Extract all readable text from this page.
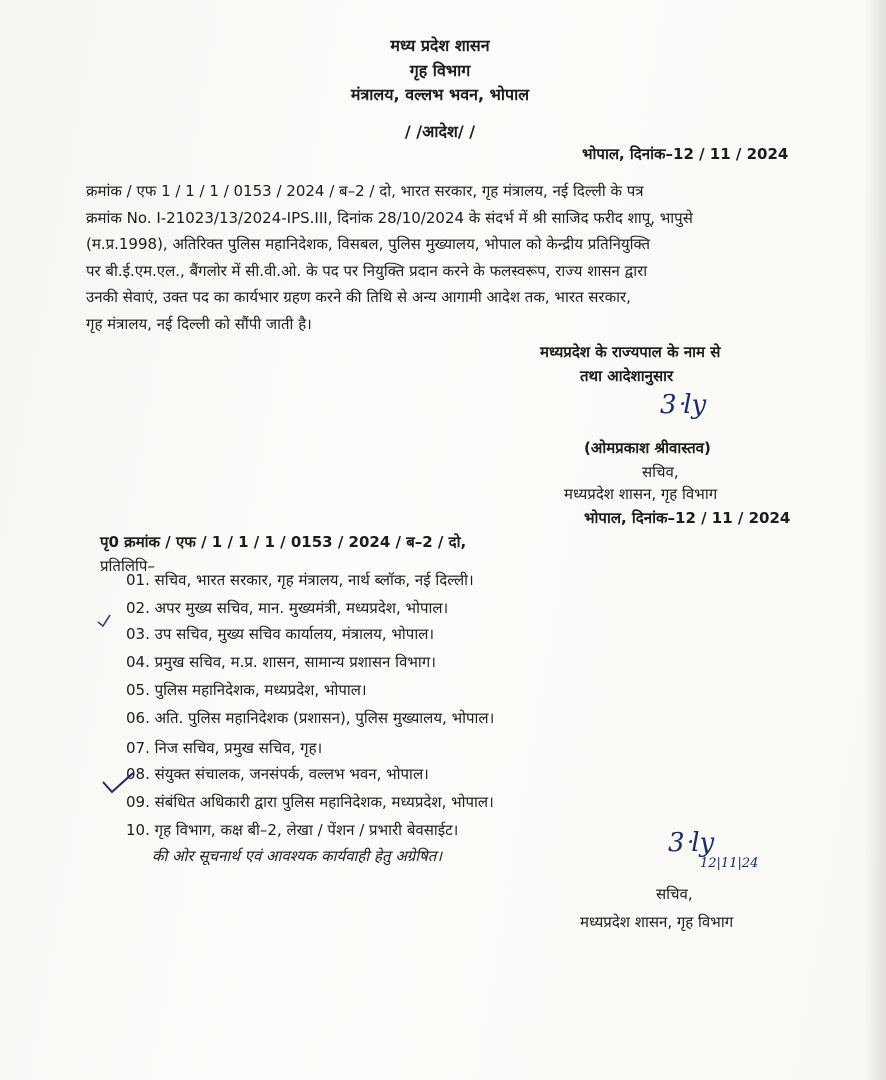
मध्य प्रदेश शासन
गृह विभाग
मंत्रालय, वल्लभ भवन, भोपाल
/ /आदेश/ /
भोपाल, दिनांक–12 / 11 / 2024
क्रमांक / एफ 1 / 1 / 1 / 0153 / 2024 / ब–2 / दो, भारत सरकार, गृह मंत्रालय, नई दिल्ली के पत्र
क्रमांक No. I-21023/13/2024-IPS.III, दिनांक 28/10/2024 के संदर्भ में श्री साजिद फरीद शापू, भापुसे
(म.प्र.1998), अतिरिक्त पुलिस महानिदेशक, विसबल, पुलिस मुख्यालय, भोपाल को केन्द्रीय प्रतिनियुक्ति
पर बी.ई.एम.एल., बैंगलोर में सी.वी.ओ. के पद पर नियुक्ति प्रदान करने के फलस्वरूप, राज्य शासन द्वारा
उनकी सेवाएं, उक्त पद का कार्यभार ग्रहण करने की तिथि से अन्य आगामी आदेश तक, भारत सरकार,
गृह मंत्रालय, नई दिल्ली को सौंपी जाती है।
मध्यप्रदेश के राज्यपाल के नाम से
तथा आदेशानुसार
3ᐧly
(ओमप्रकाश श्रीवास्तव)
सचिव,
मध्यप्रदेश शासन, गृह विभाग
भोपाल, दिनांक–12 / 11 / 2024
पृ0 क्रमांक / एफ / 1 / 1 / 1 / 0153 / 2024 / ब–2 / दो,
प्रतिलिपि–
01. सचिव, भारत सरकार, गृह मंत्रालय, नार्थ ब्लॉक, नई दिल्ली।
02. अपर मुख्य सचिव, मान. मुख्यमंत्री, मध्यप्रदेश, भोपाल।
03. उप सचिव, मुख्य सचिव कार्यालय, मंत्रालय, भोपाल।
04. प्रमुख सचिव, म.प्र. शासन, सामान्य प्रशासन विभाग।
05. पुलिस महानिदेशक, मध्यप्रदेश, भोपाल।
06. अति. पुलिस महानिदेशक (प्रशासन), पुलिस मुख्यालय, भोपाल।
07. निज सचिव, प्रमुख सचिव, गृह।
08. संयुक्त संचालक, जनसंपर्क, वल्लभ भवन, भोपाल।
09. संबंधित अधिकारी द्वारा पुलिस महानिदेशक, मध्यप्रदेश, भोपाल।
10. गृह विभाग, कक्ष बी–2, लेखा / पेंशन / प्रभारी बेवसाईट।
की ओर सूचनार्थ एवं आवश्यक कार्यवाही हेतु अग्रेषित।	3ᐧly
12|11|24
सचिव,
मध्यप्रदेश शासन, गृह विभाग
